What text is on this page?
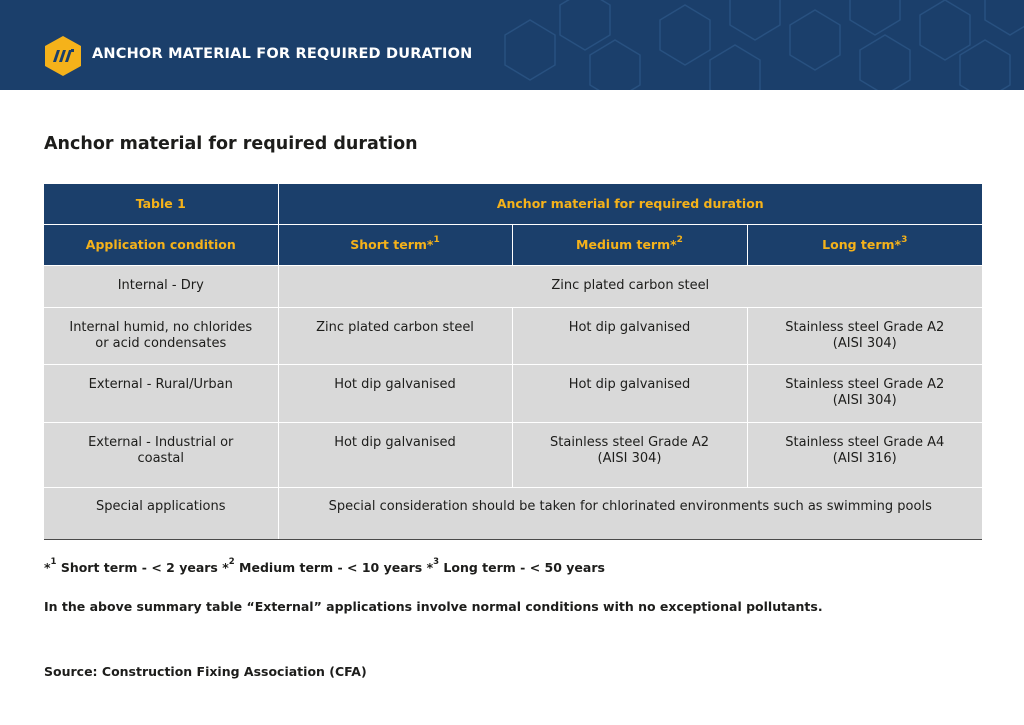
ANCHOR MATERIAL FOR REQUIRED DURATION
Anchor material for required duration
Table 1	Anchor material for required duration		
Application condition	Short term*$^1$	Medium term*$^2$	Long term*$^3$
Internal - Dry	Zinc plated carbon steel		
Internal humid, no chlorides
or acid condensates	Zinc plated carbon steel	Hot dip galvanised	Stainless steel Grade A2
(AISI 304)
External - Rural/Urban	Hot dip galvanised	Hot dip galvanised	Stainless steel Grade A2
(AISI 304)
External - Industrial or
coastal	Hot dip galvanised	Stainless steel Grade A2
(AISI 304)	Stainless steel Grade A4
(AISI 316)
Special applications	Special consideration should be taken for chlorinated environments such as swimming pools		
*$^1$ Short term - < 2 years *$^2$ Medium term - < 10 years *$^3$ Long term - < 50 years
In the above summary table “External” applications involve normal conditions with no exceptional pollutants.
Source: Construction Fixing Association (CFA)
